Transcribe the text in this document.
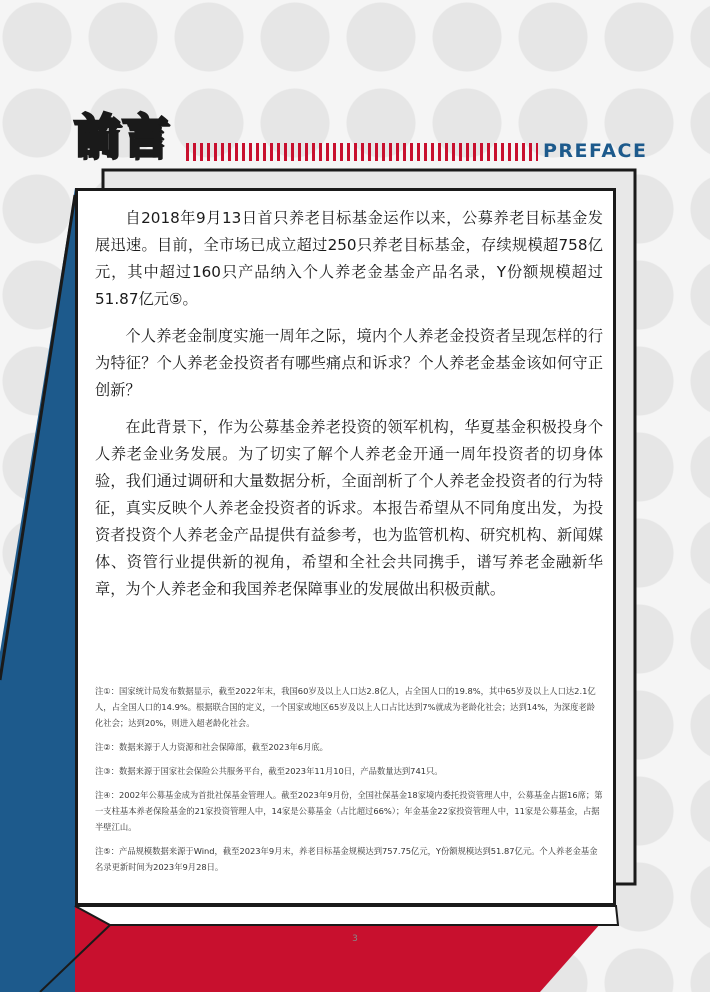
前言	PREFACE

自2018年9月13日首只养老目标基金运作以来，公募养老目标基金发展迅速。目前，全市场已成立超过250只养老目标基金，存续规模超758亿元，其中超过160只产品纳入个人养老金基金产品名录，Y份额规模超过51.87亿元⑤。

个人养老金制度实施一周年之际，境内个人养老金投资者呈现怎样的行为特征？个人养老金投资者有哪些痛点和诉求？个人养老金基金该如何守正创新？

在此背景下，作为公募基金养老投资的领军机构，华夏基金积极投身个人养老金业务发展。为了切实了解个人养老金开通一周年投资者的切身体验，我们通过调研和大量数据分析，全面剖析了个人养老金投资者的行为特征，真实反映个人养老金投资者的诉求。本报告希望从不同角度出发，为投资者投资个人养老金产品提供有益参考，也为监管机构、研究机构、新闻媒体、资管行业提供新的视角，希望和全社会共同携手，谱写养老金融新华章，为个人养老金和我国养老保障事业的发展做出积极贡献。

注①：国家统计局发布数据显示，截至2022年末，我国60岁及以上人口达2.8亿人，占全国人口的19.8%，其中65岁及以上人口达2.1亿人，占全国人口的14.9%。根据联合国的定义，一个国家或地区65岁及以上人口占比达到7%就成为老龄化社会；达到14%，为深度老龄化社会；达到20%，则进入超老龄化社会。

注②：数据来源于人力资源和社会保障部，截至2023年6月底。

注③：数据来源于国家社会保险公共服务平台，截至2023年11月10日，产品数量达到741只。

注④：2002年公募基金成为首批社保基金管理人。截至2023年9月份，全国社保基金18家境内委托投资管理人中，公募基金占据16席；第一支柱基本养老保险基金的21家投资管理人中，14家是公募基金（占比超过66%）；年金基金22家投资管理人中，11家是公募基金，占据半壁江山。

注⑤：产品规模数据来源于Wind，截至2023年9月末，养老目标基金规模达到757.75亿元，Y份额规模达到51.87亿元。个人养老金基金名录更新时间为2023年9月28日。

3
